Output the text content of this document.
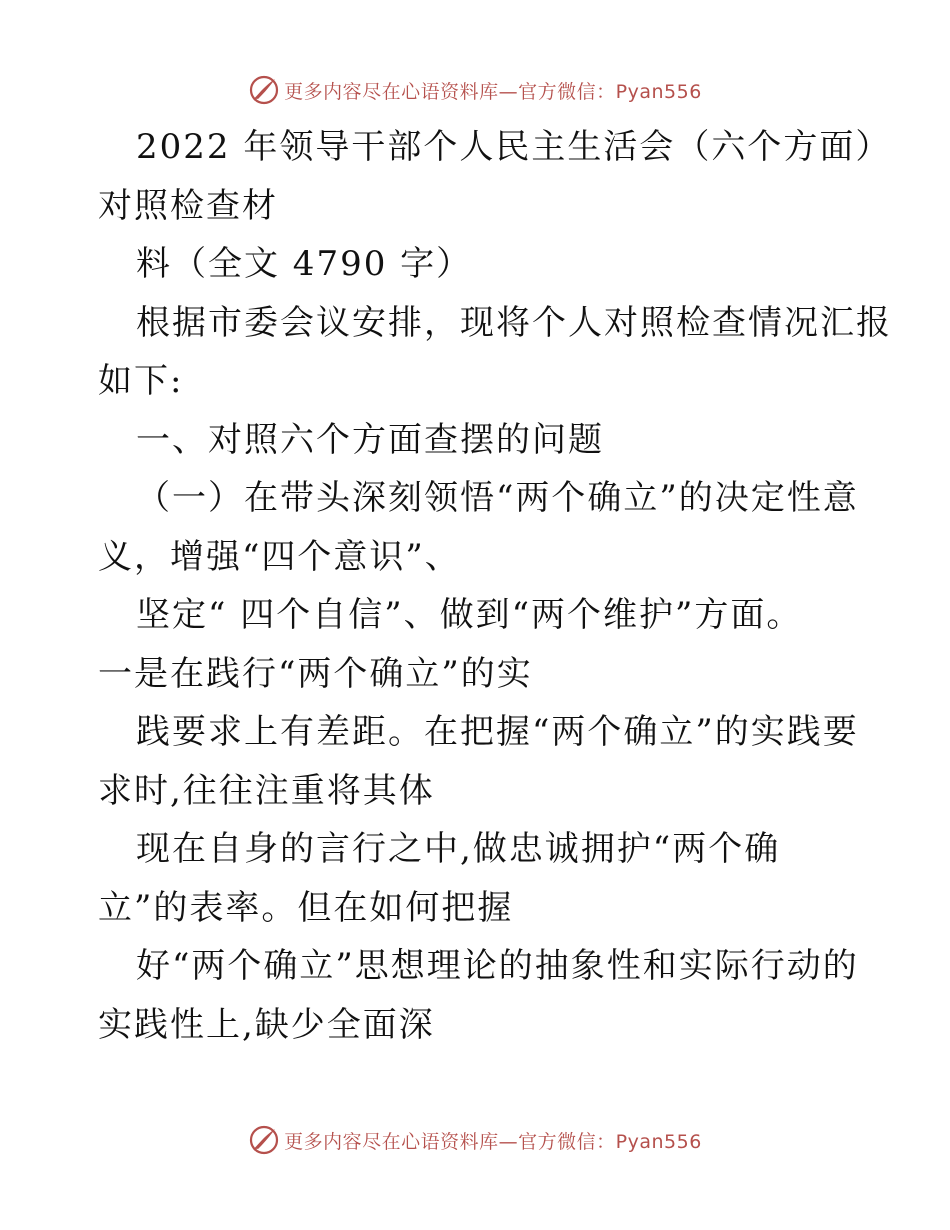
更多内容尽在心语资料库—官方微信：Pyan556
2022 年领导干部个人民主生活会（六个方面）
对照检查材
料（全文 4790 字）
根据市委会议安排，现将个人对照检查情况汇报
如下:
一、对照六个方面查摆的问题
（一）在带头深刻领悟“两个确立”的决定性意
义，增强“四个意识”、
坚定“ 四个自信”、做到“两个维护”方面。
一是在践行“两个确立”的实
践要求上有差距。在把握“两个确立”的实践要
求时,往往注重将其体
现在自身的言行之中,做忠诚拥护“两个确
立”的表率。但在如何把握
好“两个确立”思想理论的抽象性和实际行动的
实践性上,缺少全面深
更多内容尽在心语资料库—官方微信：Pyan556
